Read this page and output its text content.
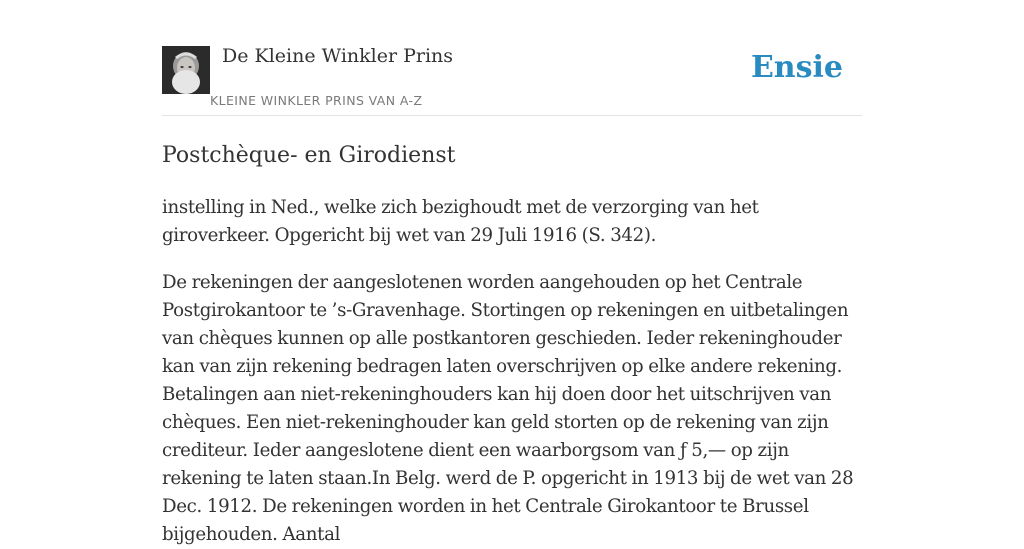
De Kleine Winkler Prins
KLEINE WINKLER PRINS VAN A-Z
Ensie
Postchèque- en Girodienst

instelling in Ned., welke zich bezighoudt met de verzorging van het giroverkeer. Opgericht bij wet van 29 Juli 1916 (S. 342).

De rekeningen der aangeslotenen worden aangehouden op het Centrale Postgirokantoor te ’s-Gravenhage. Stortingen op rekeningen en uitbetalingen van chèques kunnen op alle postkantoren geschieden. Ieder rekeninghouder kan van zijn rekening bedragen laten overschrijven op elke andere rekening. Betalingen aan niet-rekeninghouders kan hij doen door het uitschrijven van chèques. Een niet-rekeninghouder kan geld storten op de rekening van zijn crediteur. Ieder aangeslotene dient een waarborgsom van ƒ 5,— op zijn rekening te laten staan.In Belg. werd de P. opgericht in 1913 bij de wet van 28 Dec. 1912. De rekeningen worden in het Centrale Girokantoor te Brussel bijgehouden. Aantal
